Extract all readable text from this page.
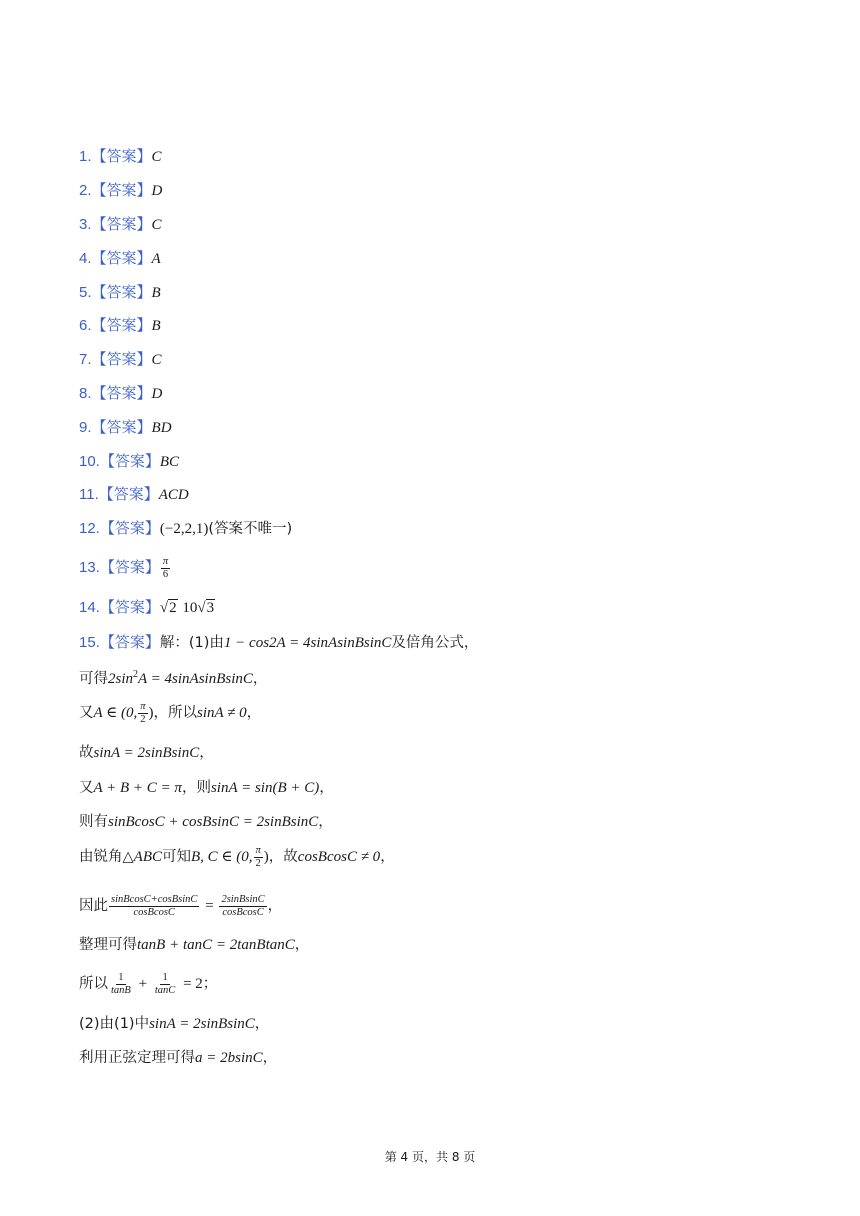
1.【答案】C
2.【答案】D
3.【答案】C
4.【答案】A
5.【答案】B
6.【答案】B
7.【答案】C
8.【答案】D
9.【答案】BD
10.【答案】BC
11.【答案】ACD
12.【答案】(−2,2,1)(答案不唯一)
13.【答案】 $\frac{\pi}{6}$
14.【答案】√2 10√3
15.【答案】解：(1)由1 − cos2A = 4sinAsinBsinC及倍角公式，
可得$2\sin^2A$ = 4sinAsinBsinC，
又A ∈ (0, $\frac{\pi}{2}$ )，所以sinA ≠ 0，
故sinA = 2sinBsinC，
又A + B + C = π，则sinA = sin(B + C)，
则有sinBcosC + cosBsinC = 2sinBsinC，
由锐角△ABC可知B, C ∈ (0, $\frac{\pi}{2}$ )，故cosBcosC ≠ 0，
因此 $\frac{\text{sinBcosC+cosBsinC}}{\text{cosBcosC}} = \frac{\text{2sinBsinC}}{\text{cosBcosC}}$ ，
整理可得tanB + tanC = 2tanBtanC，
所以 $\frac{1}{\tan B} + \frac{1}{\tan C} = 2$；
(2)由(1)中sinA = 2sinBsinC，
利用正弦定理可得a = 2bsinC，
第 4 页，共 8 页
